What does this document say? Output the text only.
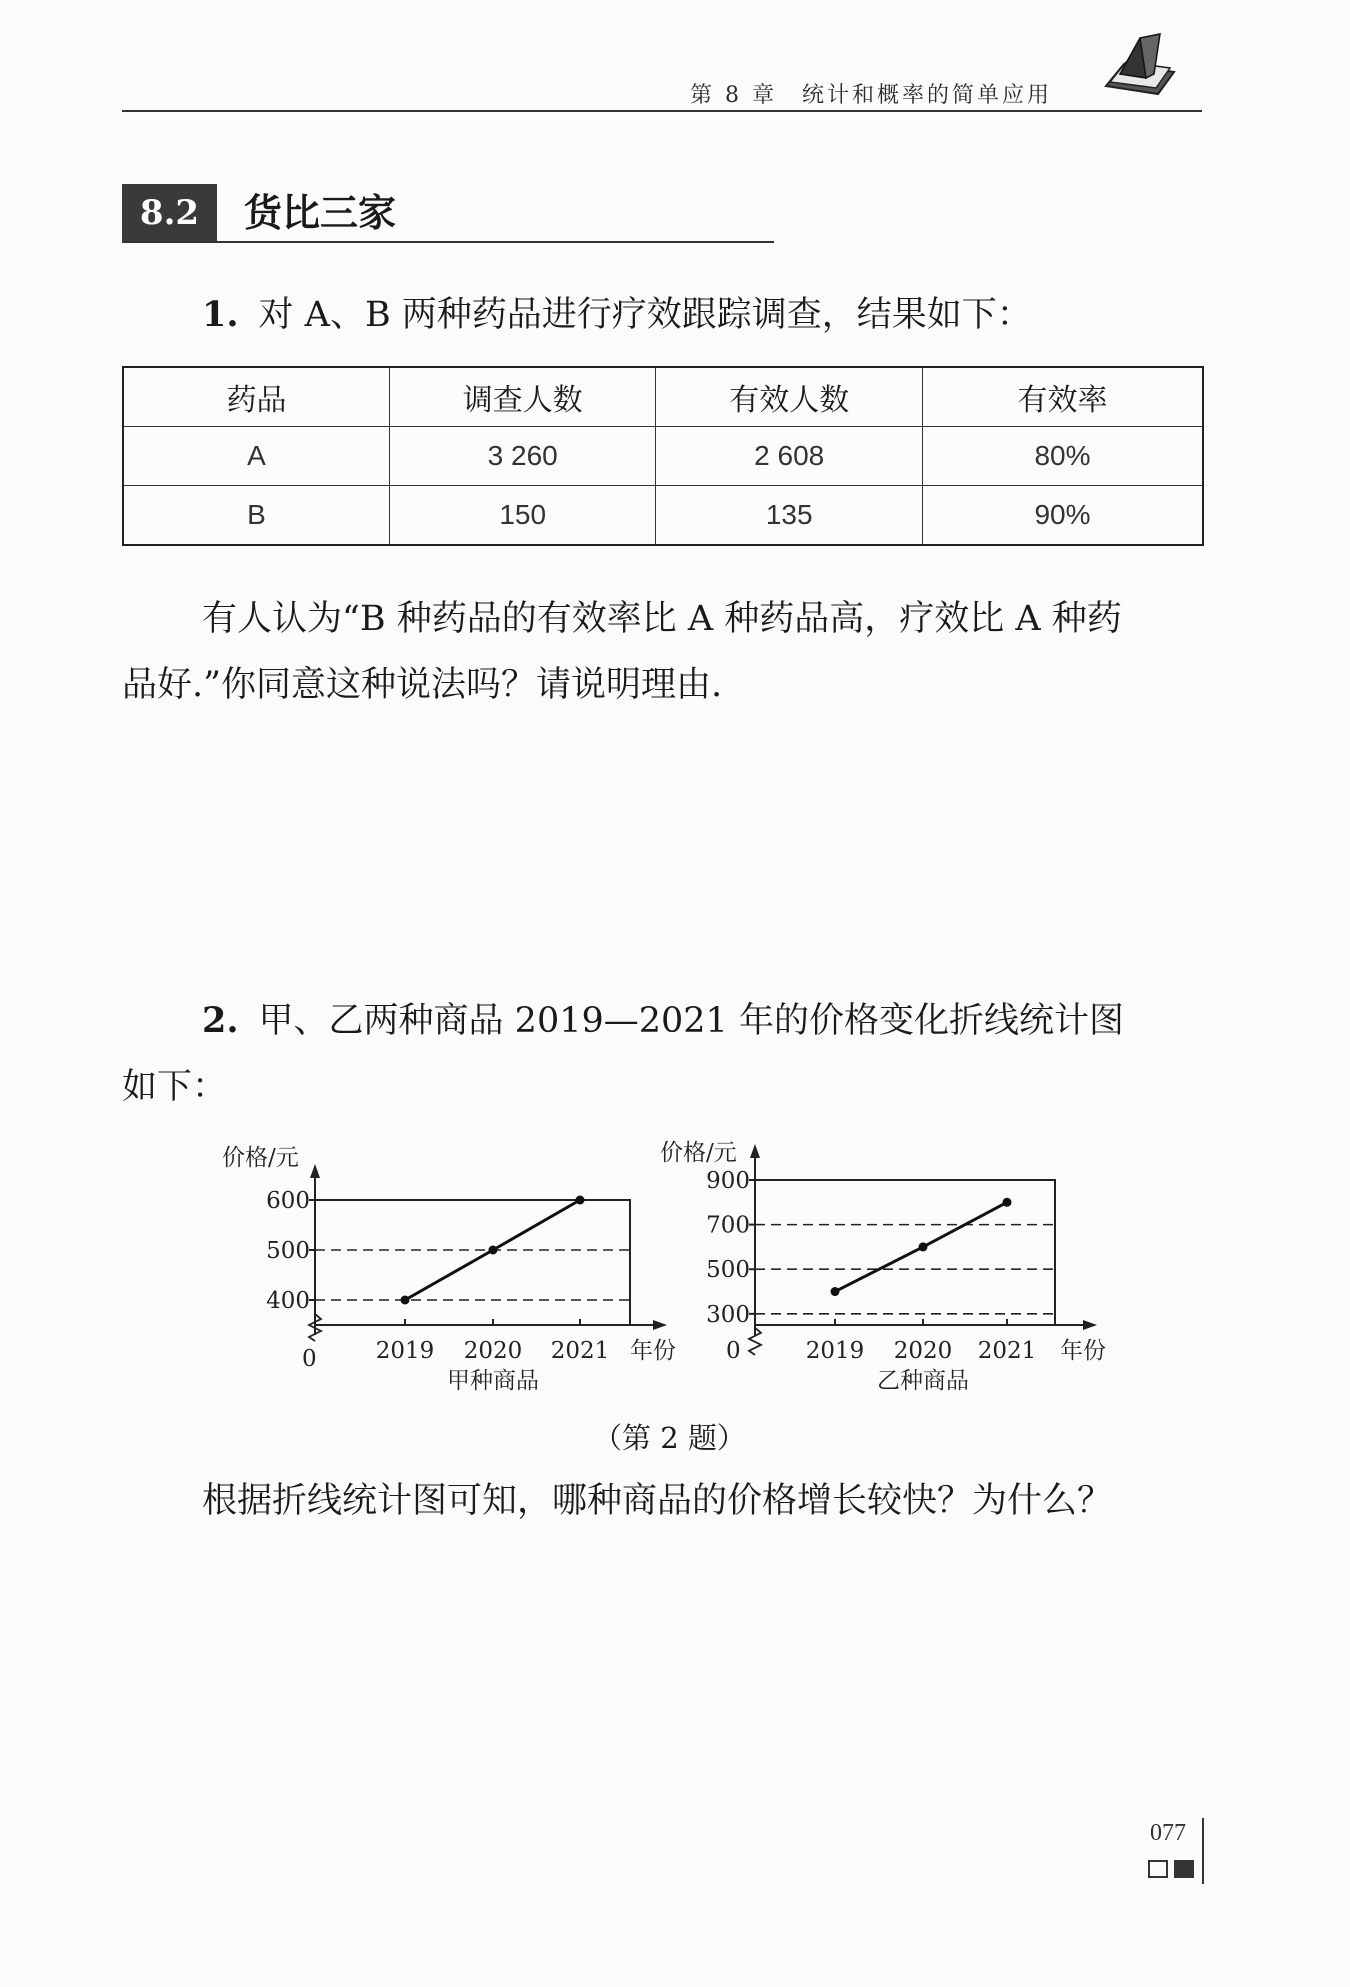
第 8 章　统计和概率的简单应用
8.2	货比三家
1. 对 A、B 两种药品进行疗效跟踪调查，结果如下：
药品	调查人数	有效人数	有效率
A	3 260	2 608	80%
B	150	135	90%
有人认为“B 种药品的有效率比 A 种药品高，疗效比 A 种药
品好.”你同意这种说法吗？请说明理由.
2. 甲、乙两种商品 2019—2021 年的价格变化折线统计图
如下：
400
500
600
价格/元
0	2019 2020 2021 年份
甲种商品
300
500
700
900
价格/元
0	2019 2020 2021 年份
乙种商品
（第 2 题）
根据折线统计图可知，哪种商品的价格增长较快？为什么？
077
